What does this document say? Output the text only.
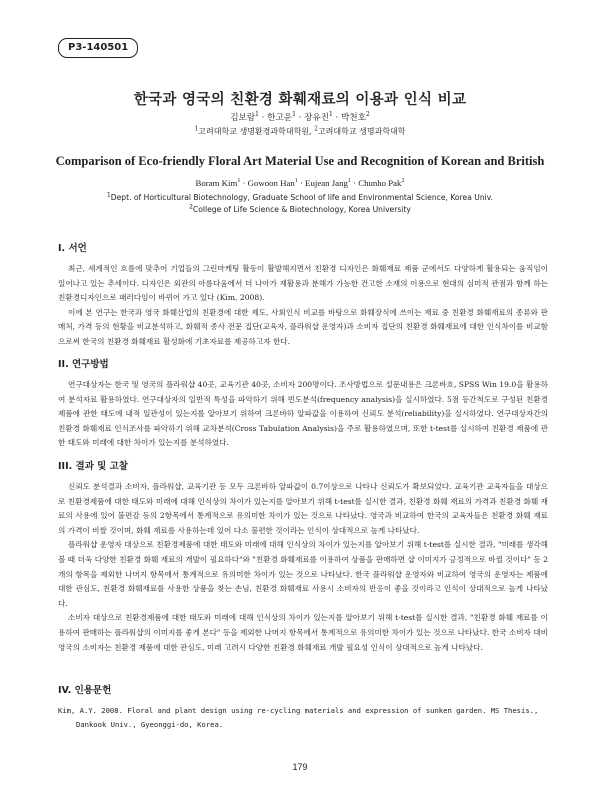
P3-140501
한국과 영국의 친환경 화훼재료의 이용과 인식 비교
김보람$^1$ · 한고운$^1$ · 장유진$^1$ · 박천호$^2$
$^1$고려대학교 생명환경과학대학원, $^2$고려대학교 생명과학대학
Comparison of Eco-friendly Floral Art Material Use and Recognition of Korean and British
Boram Kim$^1$ · Gowoon Han$^1$ · Eujean Jang$^1$ · Chunho Pak$^2$
$^1$Dept. of Horticultural Biotechnology, Graduate School of life and Environmental Science, Korea Univ.
$^2$College of Life Science & Biotechnology, Korea University
I. 서언

최근, 세계적인 흐름에 맞추어 기업들의 그린마케팅 활동이 활발해지면서 친환경 디자인은 화훼재료 제품 군에서도 다양하게 활용되는 움직임이 일어나고 있는 추세이다. 디자인은 외관의 아름다움에서 더 나아가 재활용과 분해가 가능한 건고한 소재의 이용으로 현대의 심미적 관점과 함께 하는 친환경디자인으로 패러다임이 바뀌어 가고 있다 (Kim, 2008).

이에 본 연구는 한국과 영국 화훼산업의 친환경에 대한 제도, 사회인식 비교를 바탕으로 화훼장식에 쓰이는 재료 중 친환경 화훼재료의 종류와 판매처, 가격 등의 현황을 비교분석하고, 화훼적 종사 전문 집단(교육자, 플라워샵 운영자)과 소비자 집단의 친환경 화훼재료에 대한 인식차이를 비교함으로써 한국의 친환경 화훼재료 활성화에 기초자료를 제공하고자 한다.

II. 연구방법

연구대상자는 한국 및 영국의 플라워샵 40곳, 교육기관 40곳, 소비자 200명이다. 조사방법으로 설문내용은 크론바흐, SPSS Win 19.0을 활용하여 분석자료 활용하였다. 연구대상자의 일반적 특성을 파악하기 위해 빈도분석(frequency analysis)을 실시하였다. 5점 등간척도로 구성된 친환경제품에 관한 태도에 내적 일관성이 있는지를 알아보기 위하여 크론바하 알파값을 이용하여 신뢰도 분석(reliability)을 실시하였다. 연구대상자간의 친환경 화훼재료 인식조사를 파악하기 위해 교차분석(Cross Tabulation Analysis)을 주로 활용하였으며, 또한 t-test를 실시하여 친환경 제품에 관한 태도와 미래에 대한 차이가 있는지를 분석하였다.

III. 결과 및 고찰

신뢰도 분석결과 소비자, 플라워샵, 교육기관 등 모두 크론바하 알파값이 0.7이상으로 나타나 신뢰도가 확보되었다. 교육기관 교육자들을 대상으로 친환경제품에 대한 태도와 미래에 대해 인식상의 차이가 있는지를 알아보기 위해 t-test를 실시한 결과, 친환경 화훼 재료의 가격과 친환경 화훼 재료의 사용에 있어 불편감 등의 2항목에서 통계적으로 유의미한 차이가 있는 것으로 나타났다. 영국과 비교하여 한국의 교육자들은 친환경 화훼 재료의 가격이 비쌀 것이며, 화훼 재료를 사용하는데 있어 다소 불편한 것이라는 인식이 상대적으로 높게 나타났다.

플라워샵 운영자 대상으로 친환경제품에 대한 태도와 미래에 대해 인식상의 차이가 있는지를 알아보기 위해 t-test를 실시한 결과, "미래를 생각해볼 때 더욱 다양한 친환경 화훼 재료의 개발이 필요하다"와 "친환경 화훼재료를 이용하여 상품을 판매하면 샵 이미지가 긍정적으로 바뀔 것이다" 등 2개의 항목을 제외한 나머지 항목에서 통계적으로 유의미한 차이가 있는 것으로 나타났다. 한국 플라워샵 운영자와 비교하여 영국의 운영자는 제품에 대한 관심도, 친환경 화훼재료를 사용한 상품을 찾는 손님, 친환경 화훼재료 사용시 소비자의 반응이 좋을 것이라고 인식이 상대적으로 높게 나타났다.

소비자 대상으로 친환경제품에 대한 태도와 미래에 대해 인식상의 차이가 있는지를 알아보기 위해 t-test를 실시한 결과, "친환경 화훼 재료를 이용하여 판매하는 플라워샵의 이미지를 좋게 본다" 등을 제외한 나머지 항목에서 통계적으로 유의미한 차이가 있는 것으로 나타났다. 한국 소비자 대비 영국의 소비자는 친환경 제품에 대한 관심도, 미래 고려시 다양한 친환경 화훼재료 개발 필요성 인식이 상대적으로 높게 나타났다.

IV. 인용문헌

Kim, A.Y. 2008. Floral and plant design using re-cycling materials and expression of sunken garden. MS Thesis., Dankook Univ., Gyeonggi-do, Korea.

179
